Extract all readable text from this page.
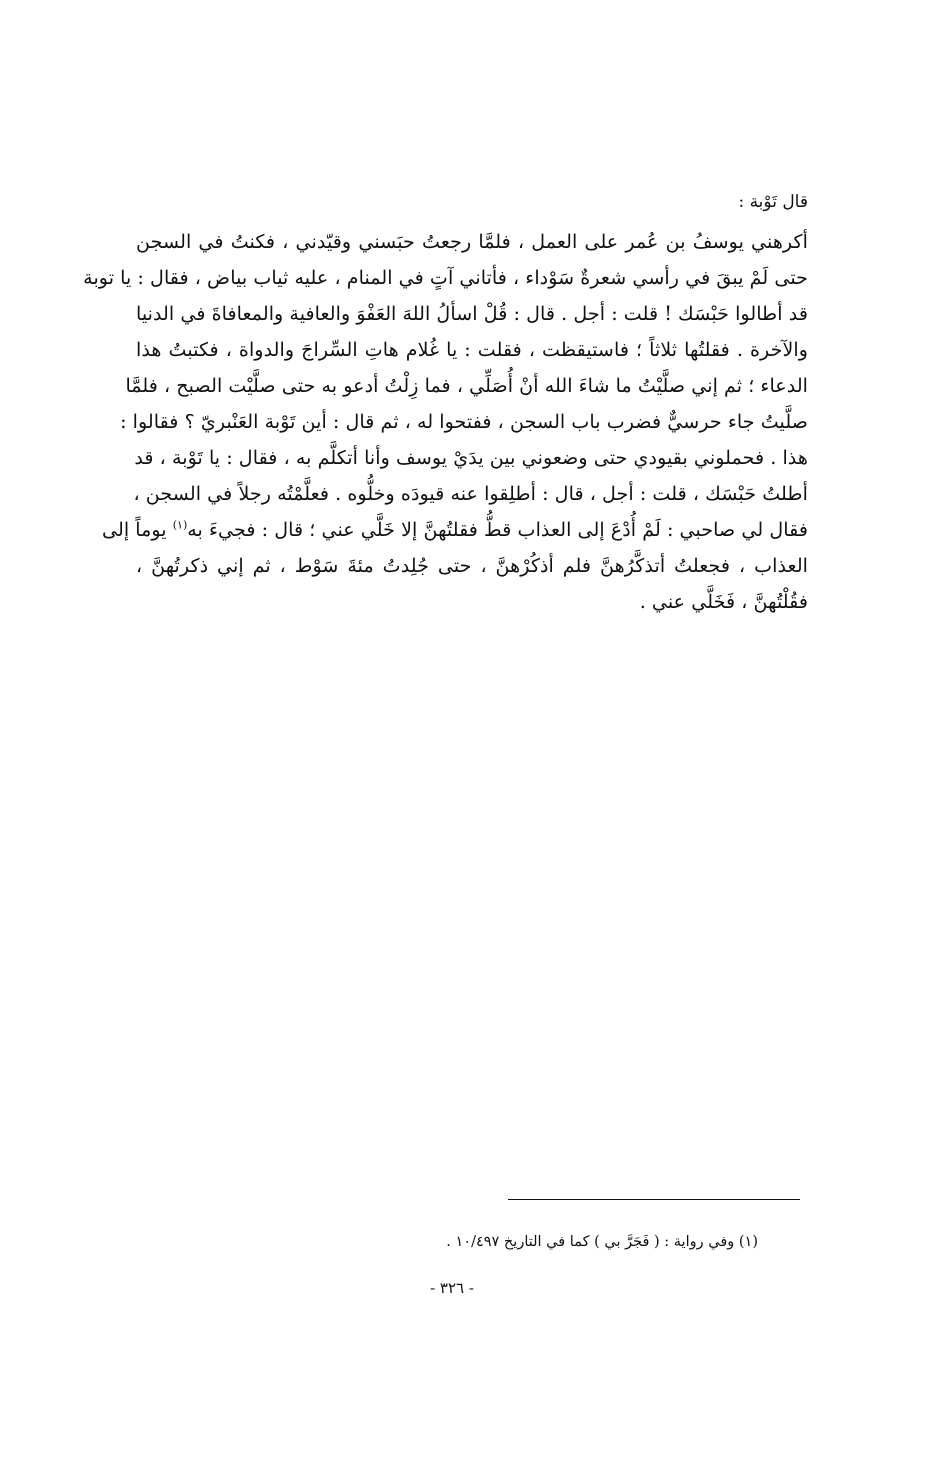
قال تَوْبة :
أكرهني يوسفُ بن عُمر على العمل ، فلمَّا رجعتُ حبَسني وقيّدني ، فكنتُ في السجن
حتى لَمْ يبقَ في رأسي شعرةٌ سَوْداء ، فأتاني آتٍ في المنام ، عليه ثياب بياض ، فقال : يا توبة
قد أطالوا حَبْسَك ! قلت : أجل . قال : قُلْ اسألُ اللهَ العَفْوَ والعافية والمعافاةَ في الدنيا
والآخرة . فقلتُها ثلاثاً ؛ فاستيقظت ، فقلت : يا غُلام هاتِ السِّراجَ والدواة ، فكتبتُ هذا
الدعاء ؛ ثم إني صلَّيْتُ ما شاءَ الله أنْ أُصَلِّي ، فما زِلْتُ أدعو به حتى صلَّيْت الصبح ، فلمَّا
صلَّيتُ جاء حرسيٌّ فضرب باب السجن ، ففتحوا له ، ثم قال : أين تَوْبة العَنْبريّ ؟ فقالوا :
هذا . فحملوني بقيودي حتى وضعوني بين يدَيْ يوسف وأنا أتكلَّم به ، فقال : يا تَوْبة ، قد
أطلتُ حَبْسَك ، قلت : أجل ، قال : أطلِقوا عنه قيودَه وخلُّوه . فعلَّمْتُه رجلاً في السجن ،
فقال لي صاحبي : لَمْ أُدْعَ إلى العذاب قطُّ فقلتُهنَّ إلا خَلَّي عني ؛ قال : فجيءَ به$^{(١)}$ يوماً إلى
العذاب ، فجعلتُ أتذكَّرُهنَّ فلم أذكُرْهنَّ ، حتى جُلِدتُ مئةَ سَوْط ، ثم إني ذكرتُهنَّ ،
فقُلْتُهنَّ ، فَخَلَّي عني .
(١) وفي رواية : ( فَجَرَّ بي ) كما في التاريخ ١٠/٤٩٧ .
- ٣٢٦ -
